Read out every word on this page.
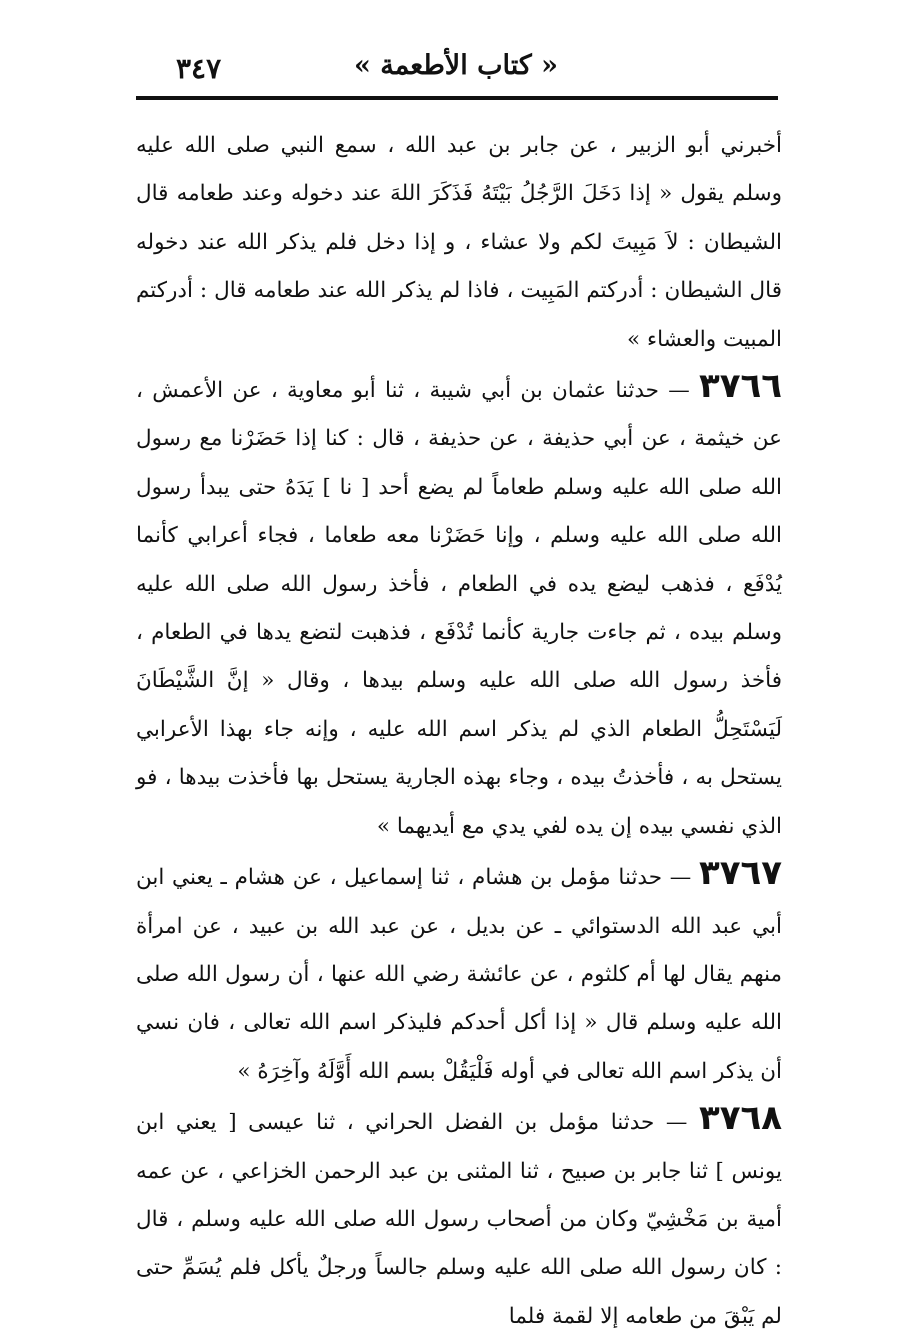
« كتاب الأطعمة »
٣٤٧

أخبرني أبو الزبير ، عن جابر بن عبد الله ، سمع النبي صلى الله عليه وسلم يقول « إذا دَخَلَ الرَّجُلُ بَيْتَهُ فَذَكَرَ اللهَ عند دخوله وعند طعامه قال الشيطان : لاَ مَبِيتَ لكم ولا عشاء ، و إذا دخل فلم يذكر الله عند دخوله قال الشيطان : أدركتم المَبِيت ، فاذا لم يذكر الله عند طعامه قال : أدركتم المبيت والعشاء »

٣٧٦٦ — حدثنا عثمان بن أبي شيبة ، ثنا أبو معاوية ، عن الأعمش ، عن خيثمة ، عن أبي حذيفة ، عن حذيفة ، قال : كنا إذا حَضَرْنا مع رسول الله صلى الله عليه وسلم طعاماً لم يضع أحد [ نا ] يَدَهُ حتى يبدأ رسول الله صلى الله عليه وسلم ، وإنا حَضَرْنا معه طعاما ، فجاء أعرابي كأنما يُدْفَع ، فذهب ليضع يده في الطعام ، فأخذ رسول الله صلى الله عليه وسلم بيده ، ثم جاءت جارية كأنما تُدْفَع ، فذهبت لتضع يدها في الطعام ، فأخذ رسول الله صلى الله عليه وسلم بيدها ، وقال « إنَّ الشَّيْطَانَ لَيَسْتَحِلُّ الطعام الذي لم يذكر اسم الله عليه ، وإنه جاء بهذا الأعرابي يستحل به ، فأخذتُ بيده ، وجاء بهذه الجارية يستحل بها فأخذت بيدها ، فو الذي نفسي بيده إن يده لفي يدي مع أيديهما »

٣٧٦٧ — حدثنا مؤمل بن هشام ، ثنا إسماعيل ، عن هشام ـ يعني ابن أبي عبد الله الدستوائي ـ عن بديل ، عن عبد الله بن عبيد ، عن امرأة منهم يقال لها أم كلثوم ، عن عائشة رضي الله عنها ، أن رسول الله صلى الله عليه وسلم قال « إذا أكل أحدكم فليذكر اسم الله تعالى ، فان نسي أن يذكر اسم الله تعالى في أوله فَلْيَقُلْ بسم الله أَوَّلَهُ وآخِرَهُ »

٣٧٦٨ — حدثنا مؤمل بن الفضل الحراني ، ثنا عيسى [ يعني ابن يونس ] ثنا جابر بن صبيح ، ثنا المثنى بن عبد الرحمن الخزاعي ، عن عمه أمية بن مَخْشِيّ وكان من أصحاب رسول الله صلى الله عليه وسلم ، قال : كان رسول الله صلى الله عليه وسلم جالساً ورجلٌ يأكل فلم يُسَمِّ حتى لم يَبْقَ من طعامه إلا لقمة فلما
